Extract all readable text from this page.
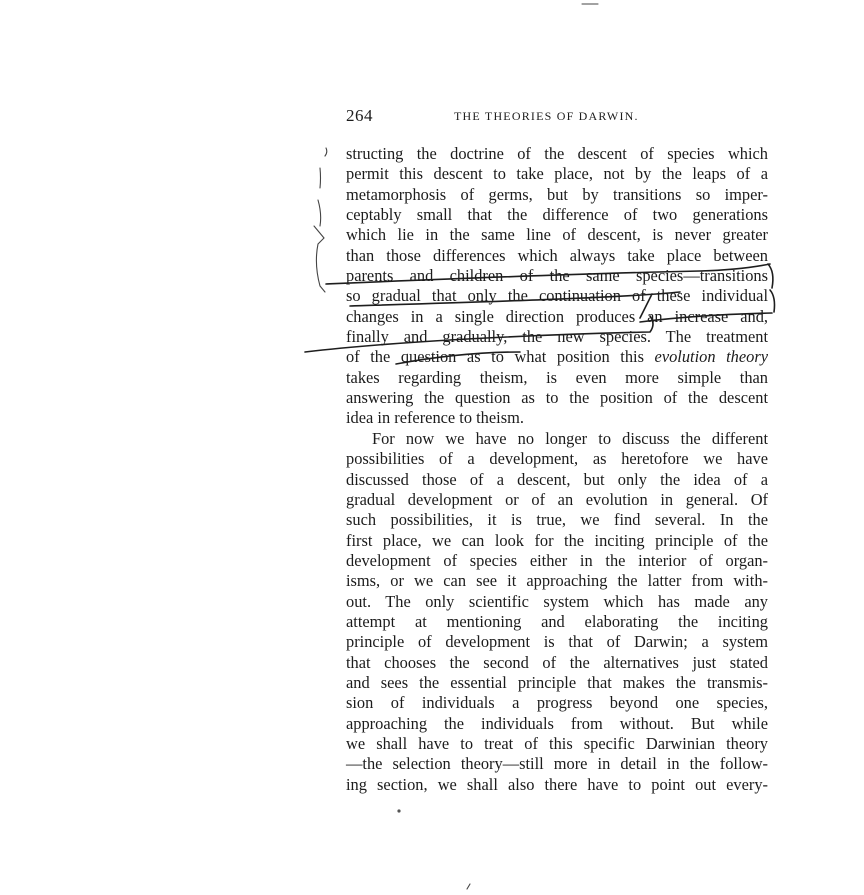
264	THE THEORIES OF DARWIN.
structing the doctrine of the descent of species which
permit this descent to take place, not by the leaps of a
metamorphosis of germs, but by transitions so imper-
ceptably small that the difference of two generations
which lie in the same line of descent, is never greater
than those differences which always take place between
parents and children of the same species—transitions
so gradual that only the continuation of these individual
changes in a single direction produces an increase and,
finally and gradually, the new species. The treatment
of the question as to what position this evolution theory
takes regarding theism, is even more simple than
answering the question as to the position of the descent
idea in reference to theism.
For now we have no longer to discuss the different
possibilities of a development, as heretofore we have
discussed those of a descent, but only the idea of a
gradual development or of an evolution in general. Of
such possibilities, it is true, we find several. In the
first place, we can look for the inciting principle of the
development of species either in the interior of organ-
isms, or we can see it approaching the latter from with-
out. The only scientific system which has made any
attempt at mentioning and elaborating the inciting
principle of development is that of Darwin; a system
that chooses the second of the alternatives just stated
and sees the essential principle that makes the transmis-
sion of individuals a progress beyond one species,
approaching the individuals from without. But while
we shall have to treat of this specific Darwinian theory
—the selection theory—still more in detail in the follow-
ing section, we shall also there have to point out every-
